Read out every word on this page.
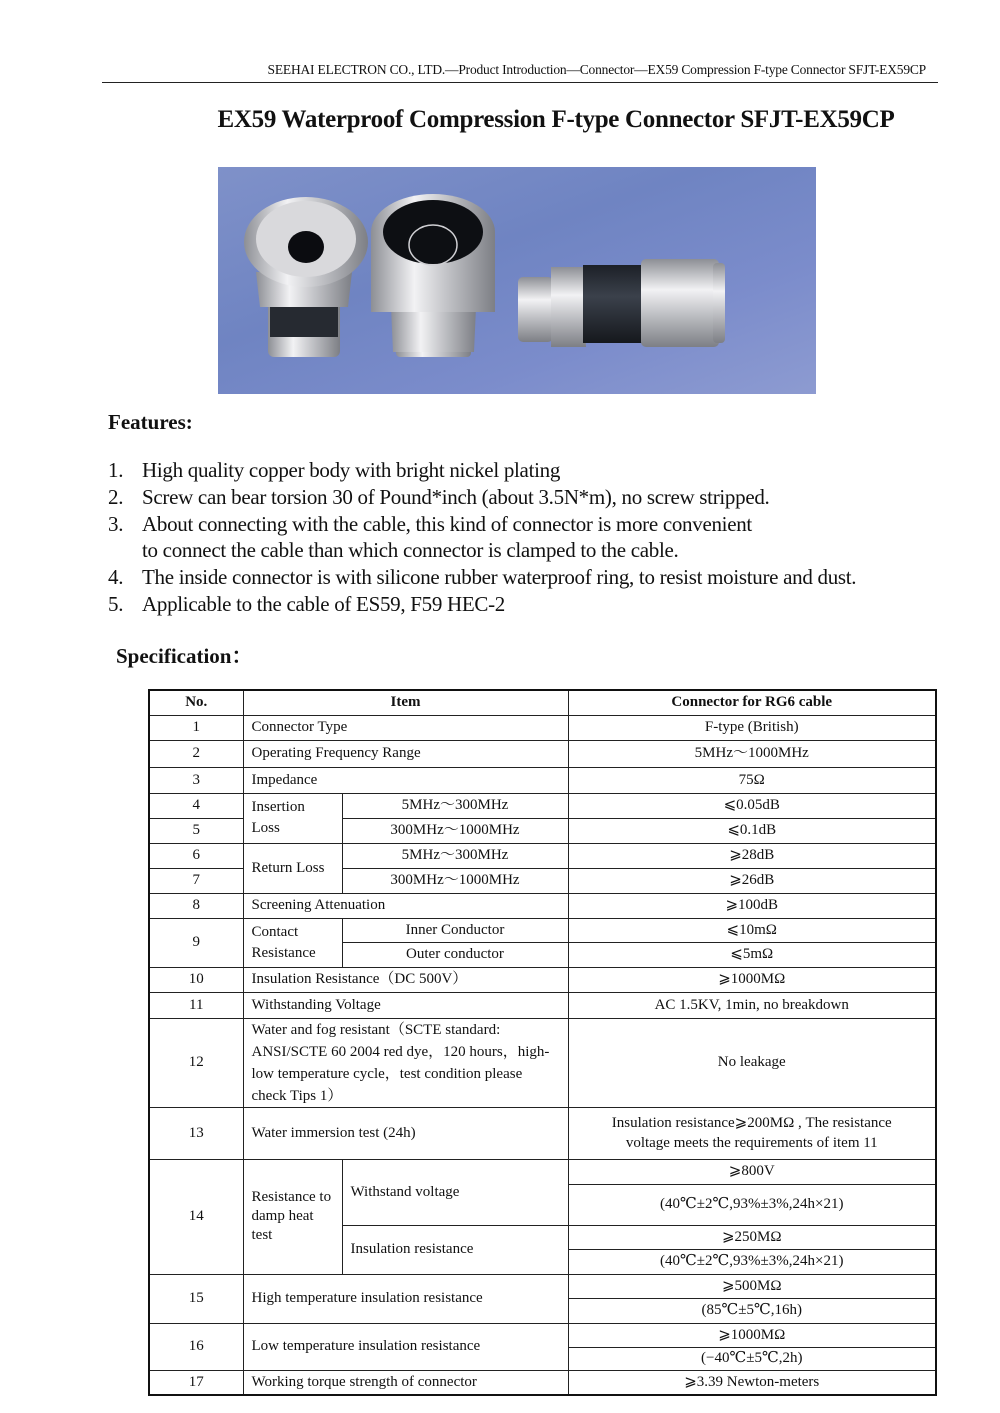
SEEHAI ELECTRON CO., LTD.—Product Introduction—Connector—EX59 Compression F-type Connector SFJT-EX59CP
EX59 Waterproof Compression F-type Connector SFJT-EX59CP
Features:
1. High quality copper body with bright nickel plating
2. Screw can bear torsion 30 of Pound*inch (about 3.5N*m), no screw stripped.
3. About connecting with the cable, this kind of connector is more convenient
to connect the cable than which connector is clamped to the cable.
4. The inside connector is with silicone rubber waterproof ring, to resist moisture and dust.
5. Applicable to the cable of ES59, F59 HEC-2
Specification：
No.	Item		Connector for RG6 cable
1	Connector Type		F-type (British)
2	Operating Frequency Range		5MHz～1000MHz
3	Impedance		75Ω
4	Insertion Loss	5MHz～300MHz	⩽0.05dB
5		300MHz～1000MHz	⩽0.1dB
6	Return Loss	5MHz～300MHz	⩾28dB
7		300MHz～1000MHz	⩾26dB
8	Screening Attenuation		⩾100dB
9	Contact Resistance	Inner Conductor	⩽10mΩ
		Outer conductor	⩽5mΩ
10	Insulation Resistance（DC 500V）		⩾1000MΩ
11	Withstanding Voltage		AC 1.5KV, 1min, no breakdown
12	Water and fog resistant（SCTE standard: ANSI/SCTE 60 2004 red dye，120 hours，high-low temperature cycle，test condition please check Tips 1）		No leakage
13	Water immersion test (24h)		Insulation resistance⩾200MΩ , The resistance voltage meets the requirements of item 11
14	Resistance to damp heat test	Withstand voltage	⩾800V
			(40℃±2℃,93%±3%,24h×21)
		Insulation resistance	⩾250MΩ
			(40℃±2℃,93%±3%,24h×21)
15	High temperature insulation resistance		⩾500MΩ
			(85℃±5℃,16h)
16	Low temperature insulation resistance		⩾1000MΩ
			(−40℃±5℃,2h)
17	Working torque strength of connector		⩾3.39 Newton-meters
